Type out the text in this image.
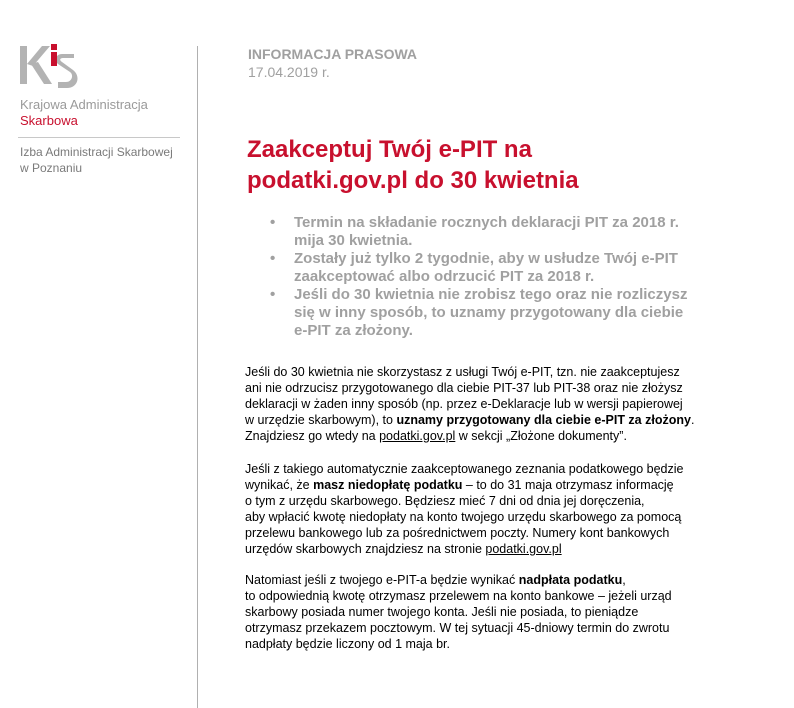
Krajowa Administracja
Skarbowa
Izba Administracji Skarbowej
w Poznaniu
INFORMACJA PRASOWA
17.04.2019 r.
Zaakceptuj Twój e-PIT na
podatki.gov.pl do 30 kwietnia
•	Termin na składanie rocznych deklaracji PIT za 2018 r.
mija 30 kwietnia.
•	Zostały już tylko 2 tygodnie, aby w usłudze Twój e-PIT
zaakceptować albo odrzucić PIT za 2018 r.
•	Jeśli do 30 kwietnia nie zrobisz tego oraz nie rozliczysz
się w inny sposób, to uznamy przygotowany dla ciebie
e-PIT za złożony.

Jeśli do 30 kwietnia nie skorzystasz z usługi Twój e-PIT, tzn. nie zaakceptujesz
ani nie odrzucisz przygotowanego dla ciebie PIT-37 lub PIT-38 oraz nie złożysz
deklaracji w żaden inny sposób (np. przez e-Deklaracje lub w wersji papierowej
w urzędzie skarbowym), to uznamy przygotowany dla ciebie e-PIT za złożony.
Znajdziesz go wtedy na podatki.gov.pl w sekcji „Złożone dokumenty”.

Jeśli z takiego automatycznie zaakceptowanego zeznania podatkowego będzie
wynikać, że masz niedopłatę podatku – to do 31 maja otrzymasz informację
o tym z urzędu skarbowego. Będziesz mieć 7 dni od dnia jej doręczenia,
aby wpłacić kwotę niedopłaty na konto twojego urzędu skarbowego za pomocą
przelewu bankowego lub za pośrednictwem poczty. Numery kont bankowych
urzędów skarbowych znajdziesz na stronie podatki.gov.pl

Natomiast jeśli z twojego e-PIT-a będzie wynikać nadpłata podatku,
to odpowiednią kwotę otrzymasz przelewem na konto bankowe – jeżeli urząd
skarbowy posiada numer twojego konta. Jeśli nie posiada, to pieniądze
otrzymasz przekazem pocztowym. W tej sytuacji 45-dniowy termin do zwrotu
nadpłaty będzie liczony od 1 maja br.
